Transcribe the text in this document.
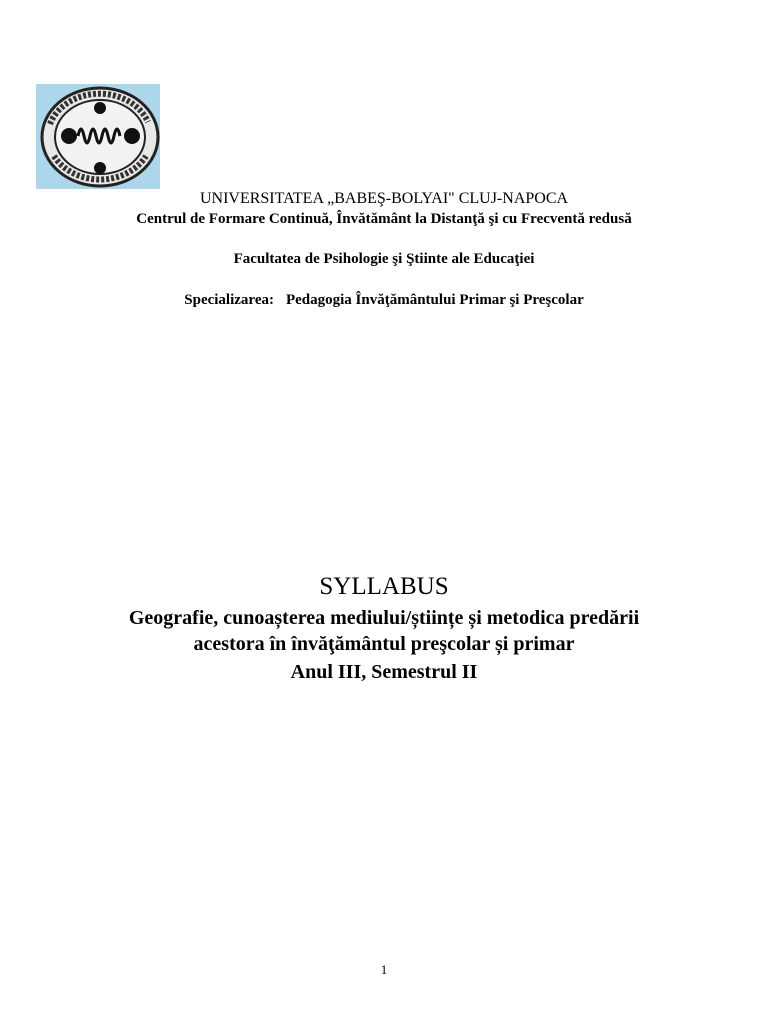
UNIVERSITATEA „BABEŞ-BOLYAI" CLUJ-NAPOCA
Centrul de Formare Continuă, Învătământ la Distanţă şi cu Frecventă redusă
Facultatea de Psihologie şi Ştiinte ale Educaţiei
Specializarea: Pedagogia Învăţământului Primar şi Preşcolar
SYLLABUS
Geografie, cunoașterea mediului/științe și metodica predării
acestora în învăţământul preşcolar și primar
Anul III, Semestrul II
1
